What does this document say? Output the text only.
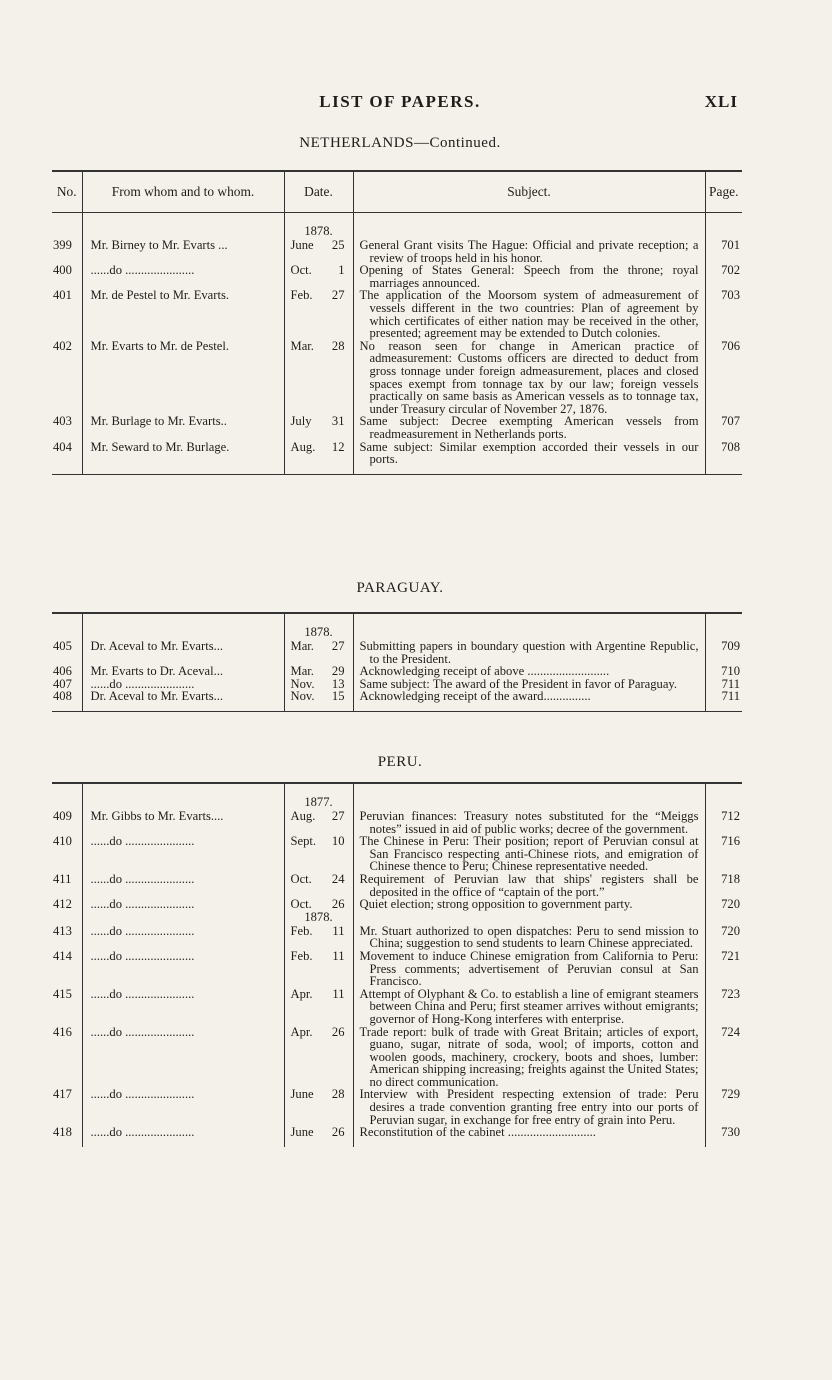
LIST OF PAPERS.	XLI
NETHERLANDS—Continued.
No.	From whom and to whom.	Date.	Subject.	Page.

		1878.		
399	Mr. Birney to Mr. Evarts ...	June 25	General Grant visits The Hague: Official and private reception; a review of troops held in his honor.	701
400	......do ......................	Oct. 1	Opening of States General: Speech from the throne; royal marriages announced.	702
401	Mr. de Pestel to Mr. Evarts.	Feb. 27	The application of the Moorsom system of admeasurement of vessels different in the two countries: Plan of agreement by which certificates of either nation may be received in the other, presented; agreement may be extended to Dutch colonies.	703
402	Mr. Evarts to Mr. de Pestel.	Mar. 28	No reason seen for change in American practice of admeasurement: Customs officers are directed to deduct from gross tonnage under foreign admeasurement, places and closed spaces exempt from tonnage tax by our law; foreign vessels practically on same basis as American vessels as to tonnage tax, under Treasury circular of November 27, 1876.	706
403	Mr. Burlage to Mr. Evarts..	July 31	Same subject: Decree exempting American vessels from readmeasurement in Netherlands ports.	707
404	Mr. Seward to Mr. Burlage.	Aug. 12	Same subject: Similar exemption accorded their vessels in our ports.	708
PARAGUAY.

		1878.		
405	Dr. Aceval to Mr. Evarts...	Mar. 27	Submitting papers in boundary question with Argentine Republic, to the President.	709
406	Mr. Evarts to Dr. Aceval...	Mar. 29	Acknowledging receipt of above ..........................	710
407	......do ......................	Nov. 13	Same subject: The award of the President in favor of Paraguay.	711
408	Dr. Aceval to Mr. Evarts...	Nov. 15	Acknowledging receipt of the award...............	711
PERU.

		1877.		
409	Mr. Gibbs to Mr. Evarts....	Aug. 27	Peruvian finances: Treasury notes substituted for the “Meiggs notes” issued in aid of public works; decree of the government.	712
410	......do ......................	Sept. 10	The Chinese in Peru: Their position; report of Peruvian consul at San Francisco respecting anti-Chinese riots, and emigration of Chinese thence to Peru; Chinese representative needed.	716
411	......do ......................	Oct. 24	Requirement of Peruvian law that ships' registers shall be deposited in the office of “captain of the port.”	718
412	......do ......................	Oct. 26	Quiet election; strong opposition to government party.	720
		1878.		
413	......do ......................	Feb. 11	Mr. Stuart authorized to open dispatches: Peru to send mission to China; suggestion to send students to learn Chinese appreciated.	720
414	......do ......................	Feb. 11	Movement to induce Chinese emigration from California to Peru: Press comments; advertisement of Peruvian consul at San Francisco.	721
415	......do ......................	Apr. 11	Attempt of Olyphant & Co. to establish a line of emigrant steamers between China and Peru; first steamer arrives without emigrants; governor of Hong-Kong interferes with enterprise.	723
416	......do ......................	Apr. 26	Trade report: bulk of trade with Great Britain; articles of export, guano, sugar, nitrate of soda, wool; of imports, cotton and woolen goods, machinery, crockery, boots and shoes, lumber: American shipping increasing; freights against the United States; no direct communication.	724
417	......do ......................	June 28	Interview with President respecting extension of trade: Peru desires a trade convention granting free entry into our ports of Peruvian sugar, in exchange for free entry of grain into Peru.	729
418	......do ......................	June 26	Reconstitution of the cabinet ............................	730
